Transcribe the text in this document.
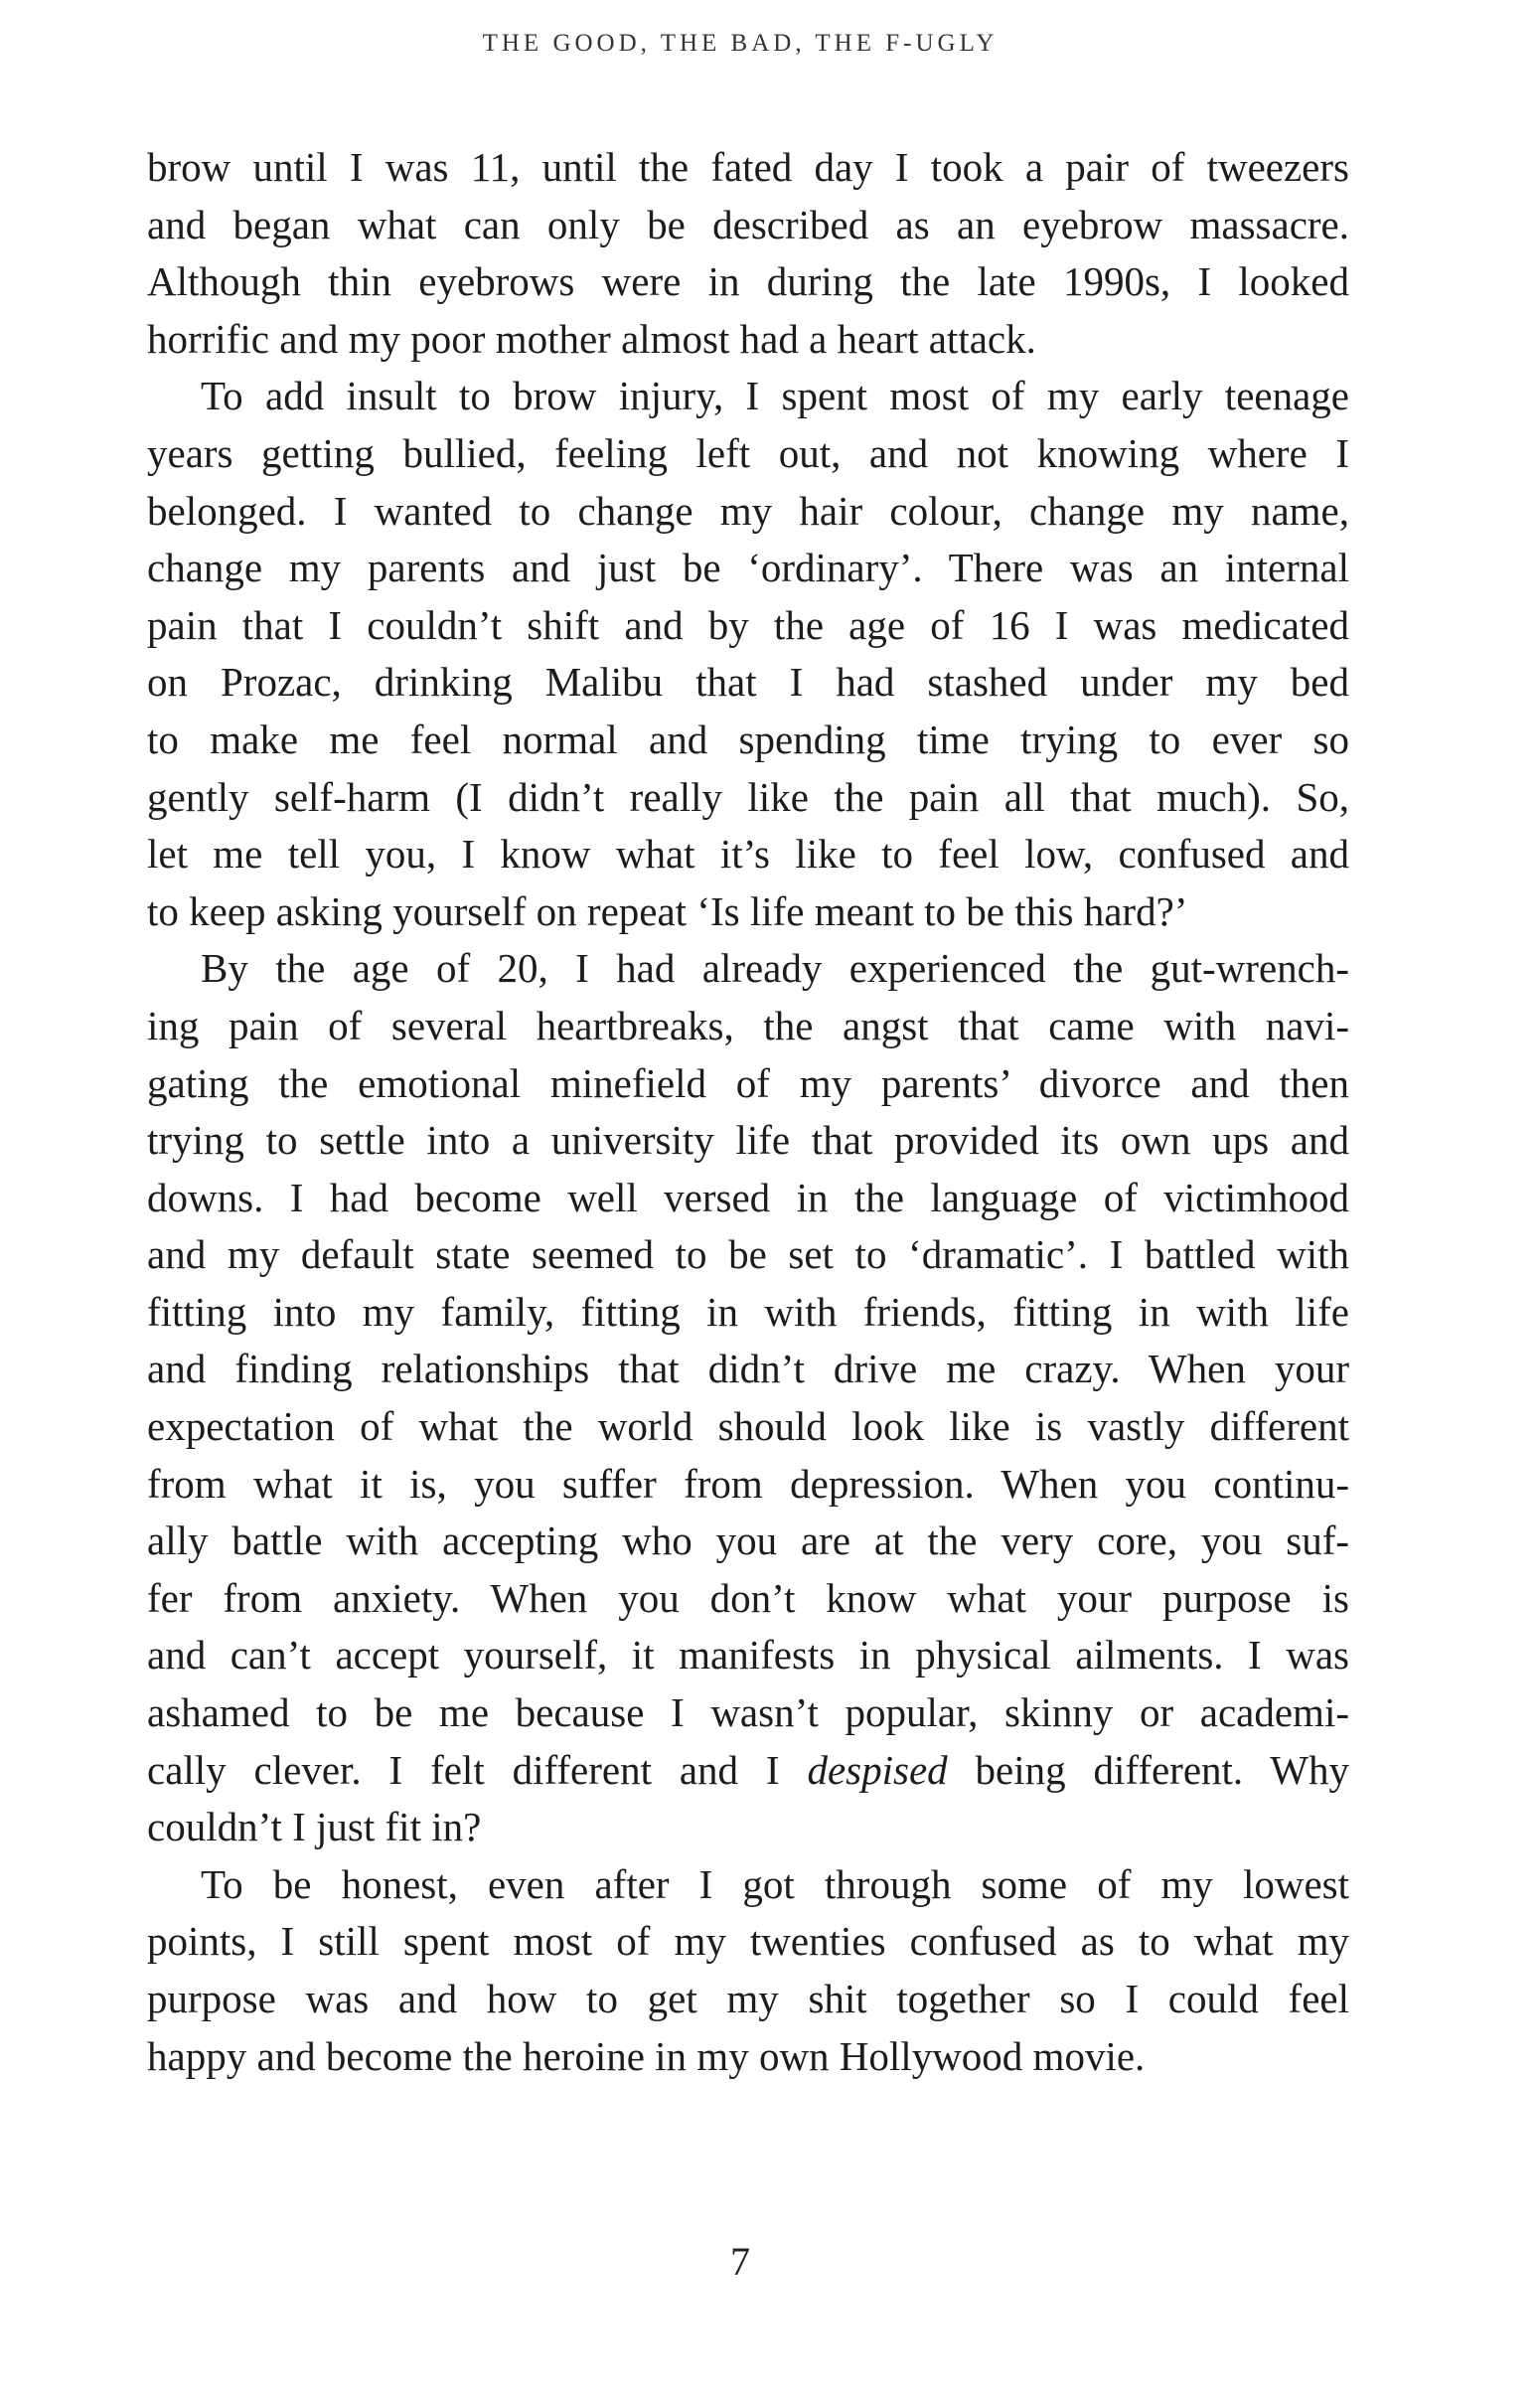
THE GOOD, THE BAD, THE F-UGLY
brow until I was 11, until the fated day I took a pair of tweezers
and began what can only be described as an eyebrow massacre.
Although thin eyebrows were in during the late 1990s, I looked
horrific and my poor mother almost had a heart attack.
To add insult to brow injury, I spent most of my early teenage
years getting bullied, feeling left out, and not knowing where I
belonged. I wanted to change my hair colour, change my name,
change my parents and just be ‘ordinary’. There was an internal
pain that I couldn’t shift and by the age of 16 I was medicated
on Prozac, drinking Malibu that I had stashed under my bed
to make me feel normal and spending time trying to ever so
gently self-harm (I didn’t really like the pain all that much). So,
let me tell you, I know what it’s like to feel low, confused and
to keep asking yourself on repeat ‘Is life meant to be this hard?’
By the age of 20, I had already experienced the gut-wrench-
ing pain of several heartbreaks, the angst that came with navi-
gating the emotional minefield of my parents’ divorce and then
trying to settle into a university life that provided its own ups and
downs. I had become well versed in the language of victimhood
and my default state seemed to be set to ‘dramatic’. I battled with
fitting into my family, fitting in with friends, fitting in with life
and finding relationships that didn’t drive me crazy. When your
expectation of what the world should look like is vastly different
from what it is, you suffer from depression. When you continu-
ally battle with accepting who you are at the very core, you suf-
fer from anxiety. When you don’t know what your purpose is
and can’t accept yourself, it manifests in physical ailments. I was
ashamed to be me because I wasn’t popular, skinny or academi-
cally clever. I felt different and I despised being different. Why
couldn’t I just fit in?
To be honest, even after I got through some of my lowest
points, I still spent most of my twenties confused as to what my
purpose was and how to get my shit together so I could feel
happy and become the heroine in my own Hollywood movie.
7
